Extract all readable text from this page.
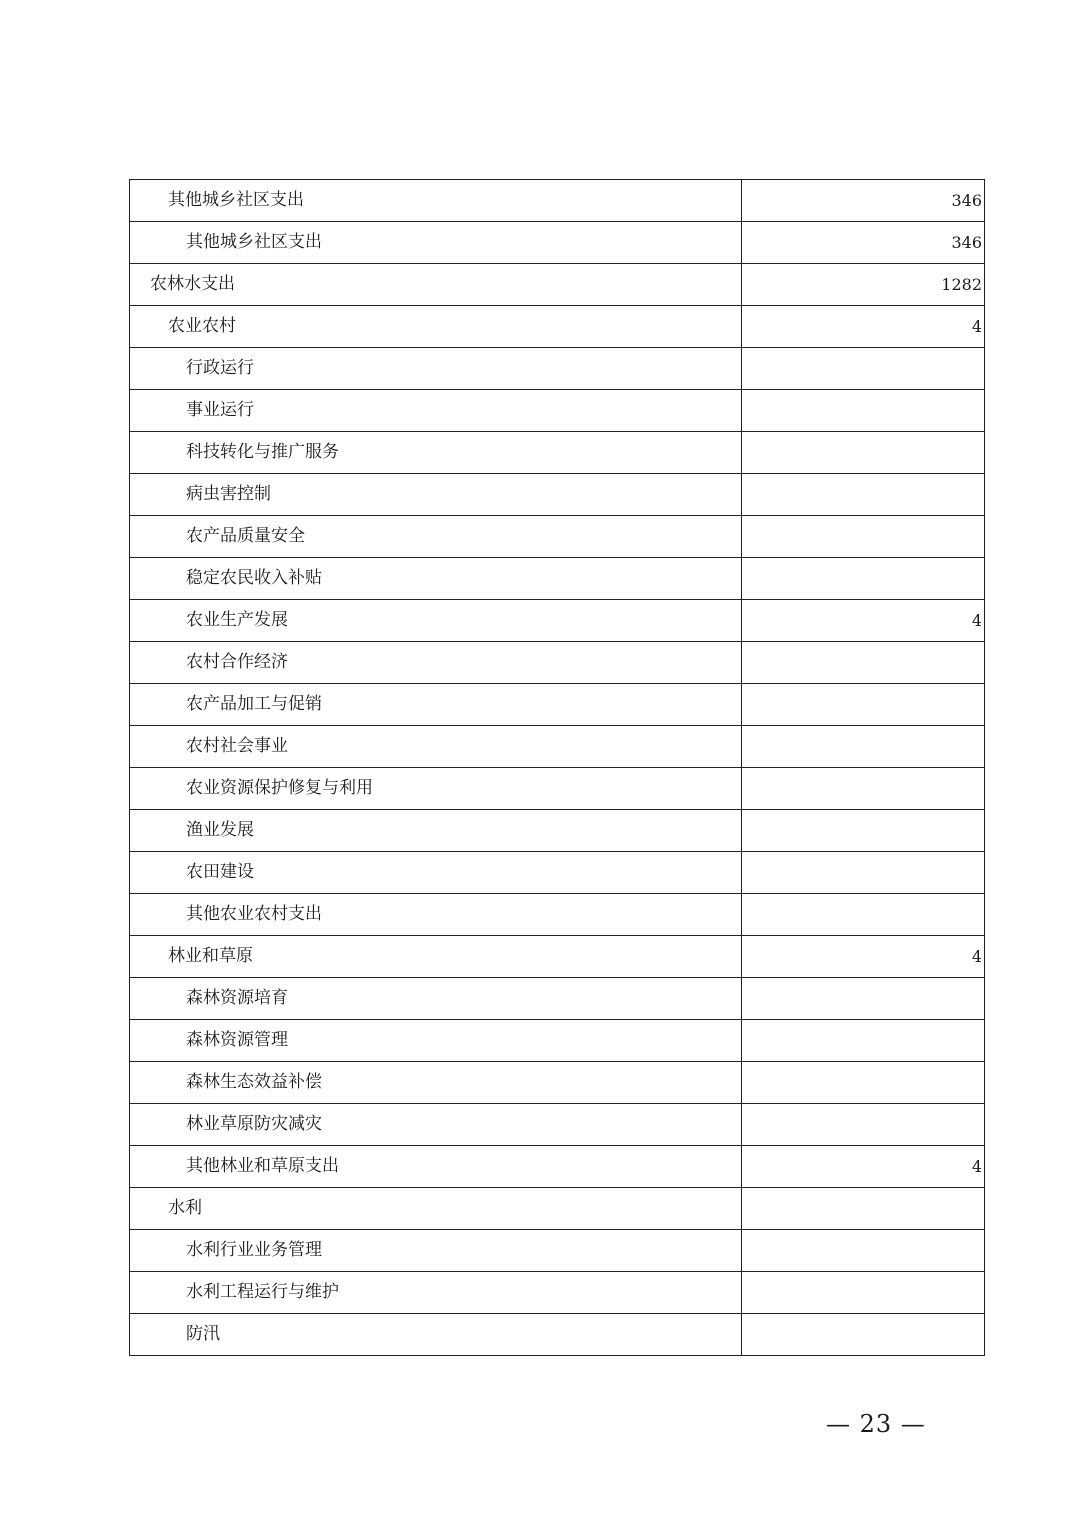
其他城乡社区支出	346
其他城乡社区支出	346
农林水支出	1282
农业农村	4
行政运行	
事业运行	
科技转化与推广服务	
病虫害控制	
农产品质量安全	
稳定农民收入补贴	
农业生产发展	4
农村合作经济	
农产品加工与促销	
农村社会事业	
农业资源保护修复与利用	
渔业发展	
农田建设	
其他农业农村支出	
林业和草原	4
森林资源培育	
森林资源管理	
森林生态效益补偿	
林业草原防灾减灾	
其他林业和草原支出	4
水利	
水利行业业务管理	
水利工程运行与维护	
防汛	
— 23 —
